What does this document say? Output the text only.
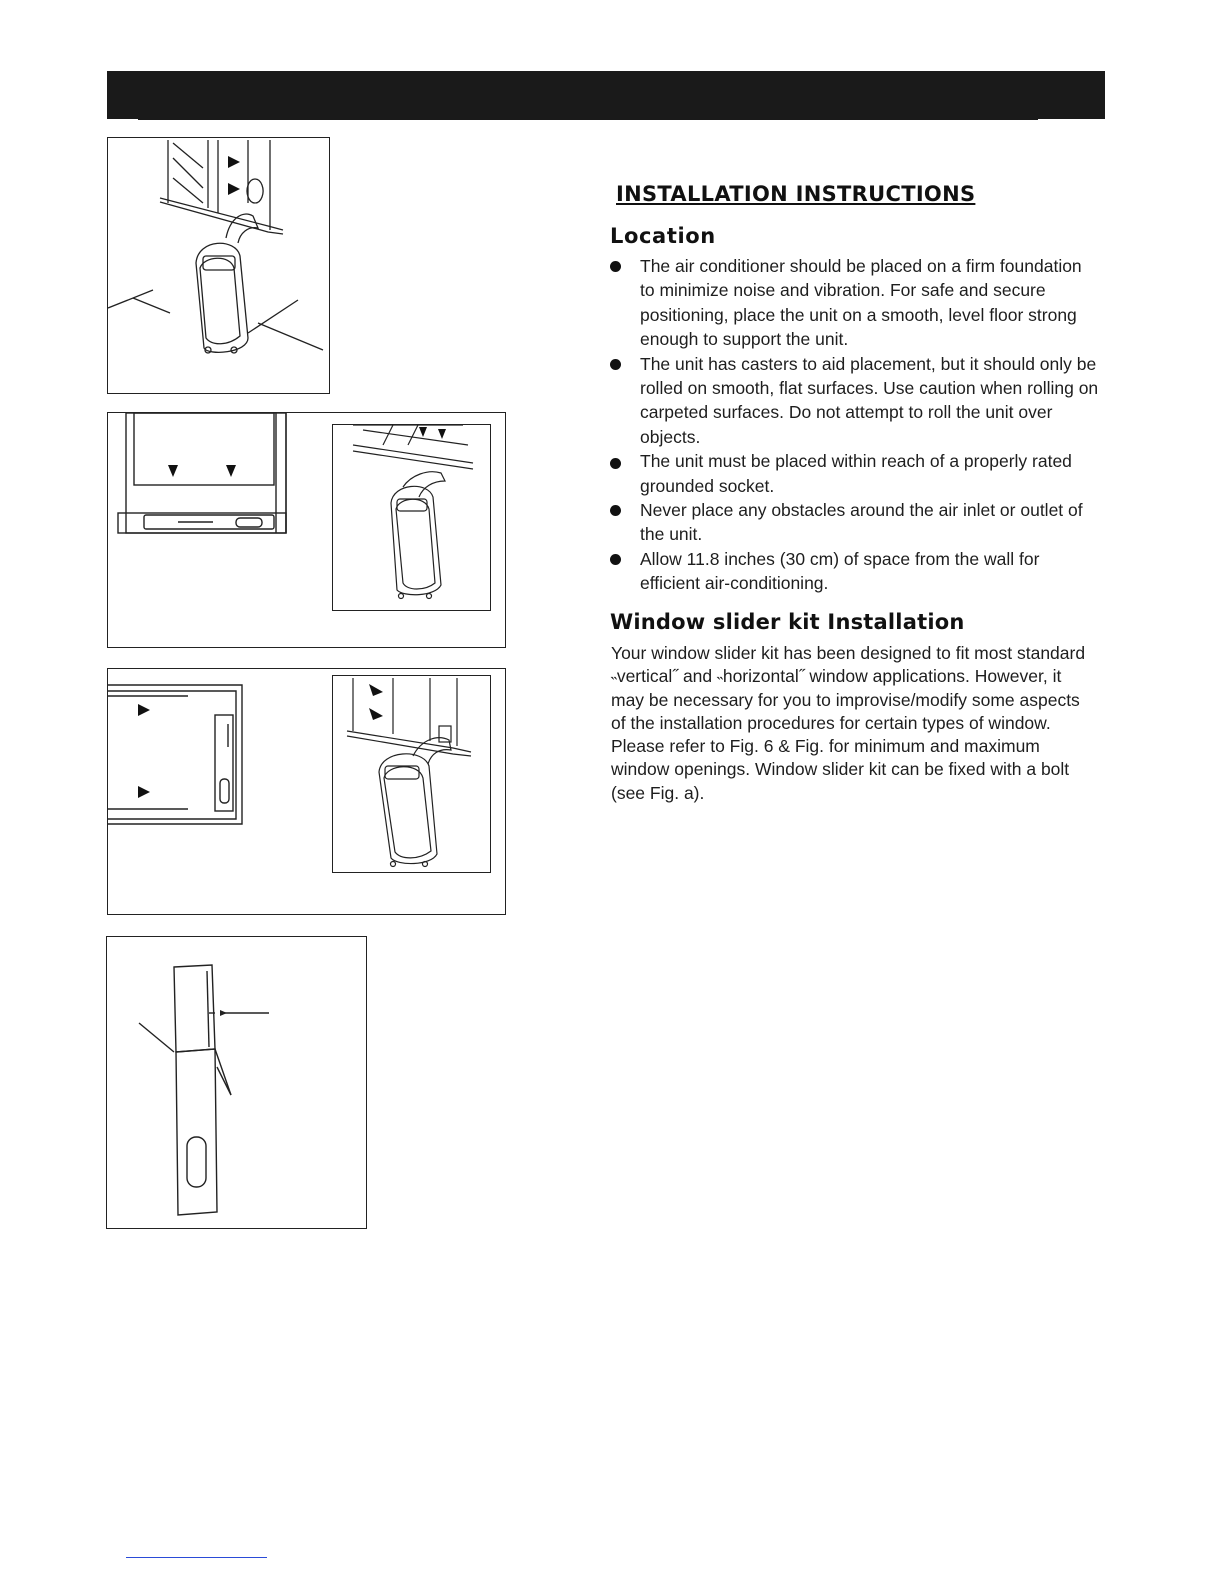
INSTALLATION INSTRUCTIONS
Location
The air conditioner should be placed on a firm foundation to minimize noise and vibration. For safe and secure positioning, place the unit on a smooth, level floor strong enough to support the unit.
The unit has casters to aid placement, but it should only be rolled on smooth, flat surfaces. Use caution when rolling on carpeted surfaces. Do not attempt to roll the unit over objects.
The unit must be placed within reach of a properly rated grounded socket.
Never place any obstacles around the air inlet or outlet of the unit.
Allow 11.8 inches (30 cm) of space from the wall for efficient air-conditioning.
Window slider kit Installation
Your window slider kit has been designed to fit most standard ˵vertical˝ and ˵horizontal˝ window applications. However, it may be necessary for you to improvise/modify some aspects of the installation procedures for certain types of window. Please refer to Fig. 6 & Fig. for minimum and maximum window openings. Window slider kit can be fixed with a bolt (see Fig. a).
